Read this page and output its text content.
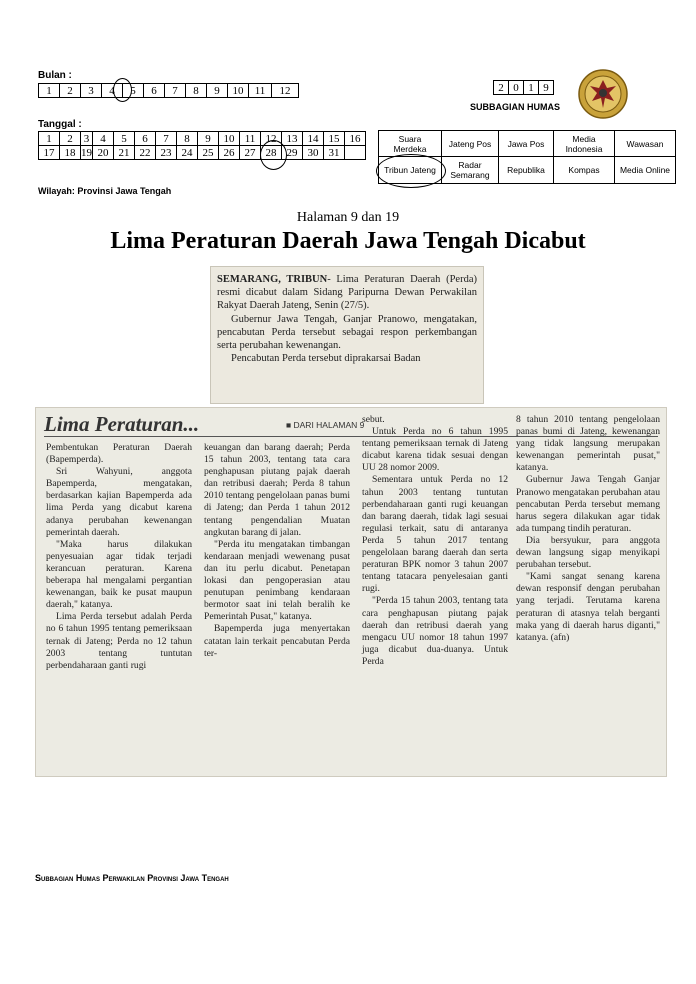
Bulan :
1	2	3	4	5	6	7	8	9	10	11	12	2	0	1	9
SUBBAGIAN HUMAS
Tanggal :
1	2	3	4	5	6	7	8	9	10	11	12	13	14	15	16
17	18	19	20	21	22	23	24	25	26	27	28	29	30	31	
Suara Merdeka	Jateng Pos	Jawa Pos	Media Indonesia	Wawasan
Tribun Jateng	Radar Semarang	Republika	Kompas	Media Online
Wilayah: Provinsi Jawa Tengah
Halaman 9 dan 19
Lima Peraturan Daerah Jawa Tengah Dicabut

SEMARANG, TRIBUN- Lima Peraturan Daerah (Perda) resmi dicabut dalam Sidang Paripurna Dewan Perwakilan Rakyat Daerah Jateng, Senin (27/5).

Gubernur Jawa Tengah, Ganjar Pranowo, mengatakan, pencabutan Perda tersebut sebagai respon perkembangan serta perubahan kewenangan.

Pencabutan Perda tersebut diprakarsai Badan

Lima Peraturan...	■ DARI HALAMAN 9

Pembentukan Peraturan Daerah (Bapemperda).

Sri Wahyuni, anggota Bapemperda, mengatakan, berdasarkan kajian Bapemperda ada lima Perda yang dicabut karena adanya perubahan kewenangan pemerintah daerah.

"Maka harus dilakukan penyesuaian agar tidak terjadi kerancuan peraturan. Karena beberapa hal mengalami pergantian kewenangan, baik ke pusat maupun daerah," katanya.

Lima Perda tersebut adalah Perda no 6 tahun 1995 tentang pemeriksaan ternak di Jateng; Perda no 12 tahun 2003 tentang tuntutan perbendaharaan ganti rugi

keuangan dan barang daerah; Perda 15 tahun 2003, tentang tata cara penghapusan piutang pajak daerah dan retribusi daerah; Perda 8 tahun 2010 tentang pengelolaan panas bumi di Jateng; dan Perda 1 tahun 2012 tentang pengendalian Muatan angkutan barang di jalan.

"Perda itu mengatakan timbangan kendaraan menjadi wewenang pusat dan itu perlu dicabut. Penetapan lokasi dan pengoperasian atau penutupan penimbang kendaraan bermotor saat ini telah beralih ke Pemerintah Pusat," katanya.

Bapemperda juga menyertakan catatan lain terkait pencabutan Perda ter-

sebut.

Untuk Perda no 6 tahun 1995 tentang pemeriksaan ternak di Jateng dicabut karena tidak sesuai dengan UU 28 nomor 2009.

Sementara untuk Perda no 12 tahun 2003 tentang tuntutan perbendaharaan ganti rugi keuangan dan barang daerah, tidak lagi sesuai regulasi terkait, satu di antaranya Perda 5 tahun 2017 tentang pengelolaan barang daerah dan serta peraturan BPK nomor 3 tahun 2007 tentang tatacara penyelesaian ganti rugi.

"Perda 15 tahun 2003, tentang tata cara penghapusan piutang pajak daerah dan retribusi daerah yang mengacu UU nomor 18 tahun 1997 juga dicabut dua-duanya. Untuk Perda

8 tahun 2010 tentang pengelolaan panas bumi di Jateng, kewenangan yang tidak langsung merupakan kewenangan pemerintah pusat," katanya.

Gubernur Jawa Tengah Ganjar Pranowo mengatakan perubahan atau pencabutan Perda tersebut memang harus segera dilakukan agar tidak ada tumpang tindih peraturan.

Dia bersyukur, para anggota dewan langsung sigap menyikapi perubahan tersebut.

"Kami sangat senang karena dewan responsif dengan perubahan yang terjadi. Terutama karena peraturan di atasnya telah berganti maka yang di daerah harus diganti," katanya. (afn)

Subbagian Humas Perwakilan Provinsi Jawa Tengah
